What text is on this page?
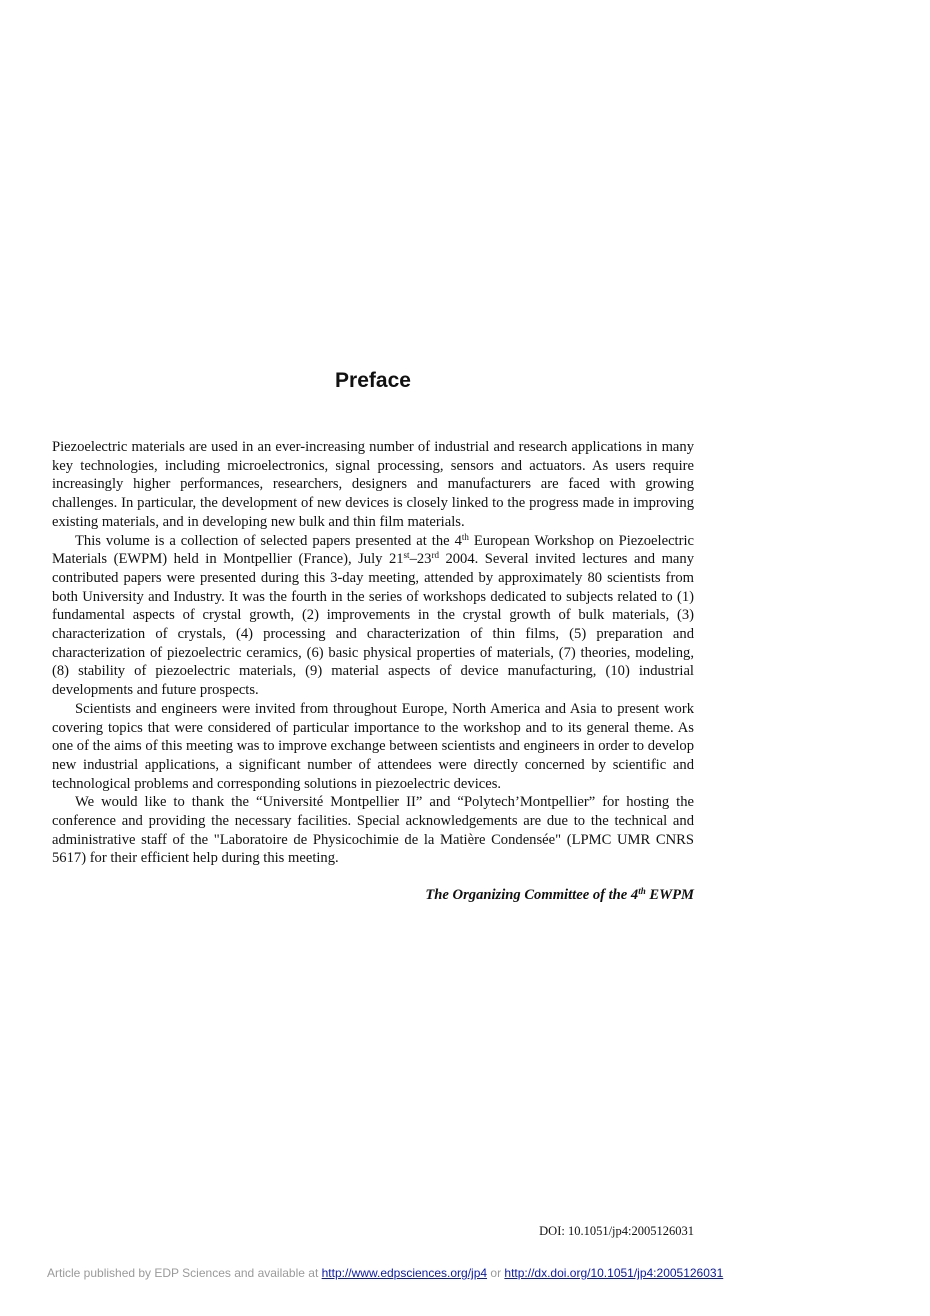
Preface

Piezoelectric materials are used in an ever-increasing number of industrial and research applications in many key technologies, including microelectronics, signal processing, sensors and actuators. As users require increasingly higher performances, researchers, designers and manufacturers are faced with growing challenges. In particular, the development of new devices is closely linked to the progress made in improving existing materials, and in developing new bulk and thin film materials.

This volume is a collection of selected papers presented at the 4th European Workshop on Piezoelectric Materials (EWPM) held in Montpellier (France), July 21st–23rd 2004. Several invited lectures and many contributed papers were presented during this 3-day meeting, attended by approximately 80 scientists from both University and Industry. It was the fourth in the series of workshops dedicated to subjects related to (1) fundamental aspects of crystal growth, (2) improvements in the crystal growth of bulk materials, (3) characterization of crystals, (4) processing and characterization of thin films, (5) preparation and characterization of piezoelectric ceramics, (6) basic physical properties of materials, (7) theories, modeling, (8) stability of piezoelectric materials, (9) material aspects of device manufacturing, (10) industrial developments and future prospects.

Scientists and engineers were invited from throughout Europe, North America and Asia to present work covering topics that were considered of particular importance to the workshop and to its general theme. As one of the aims of this meeting was to improve exchange between scientists and engineers in order to develop new industrial applications, a significant number of attendees were directly concerned by scientific and technological problems and corresponding solutions in piezoelectric devices.

We would like to thank the “Université Montpellier II” and “Polytech’Montpellier” for hosting the conference and providing the necessary facilities. Special acknowledgements are due to the technical and administrative staff of the "Laboratoire de Physicochimie de la Matière Condensée" (LPMC UMR CNRS 5617) for their efficient help during this meeting.

The Organizing Committee of the 4th EWPM
DOI: 10.1051/jp4:2005126031
Article published by EDP Sciences and available at http://www.edpsciences.org/jp4 or http://dx.doi.org/10.1051/jp4:2005126031
